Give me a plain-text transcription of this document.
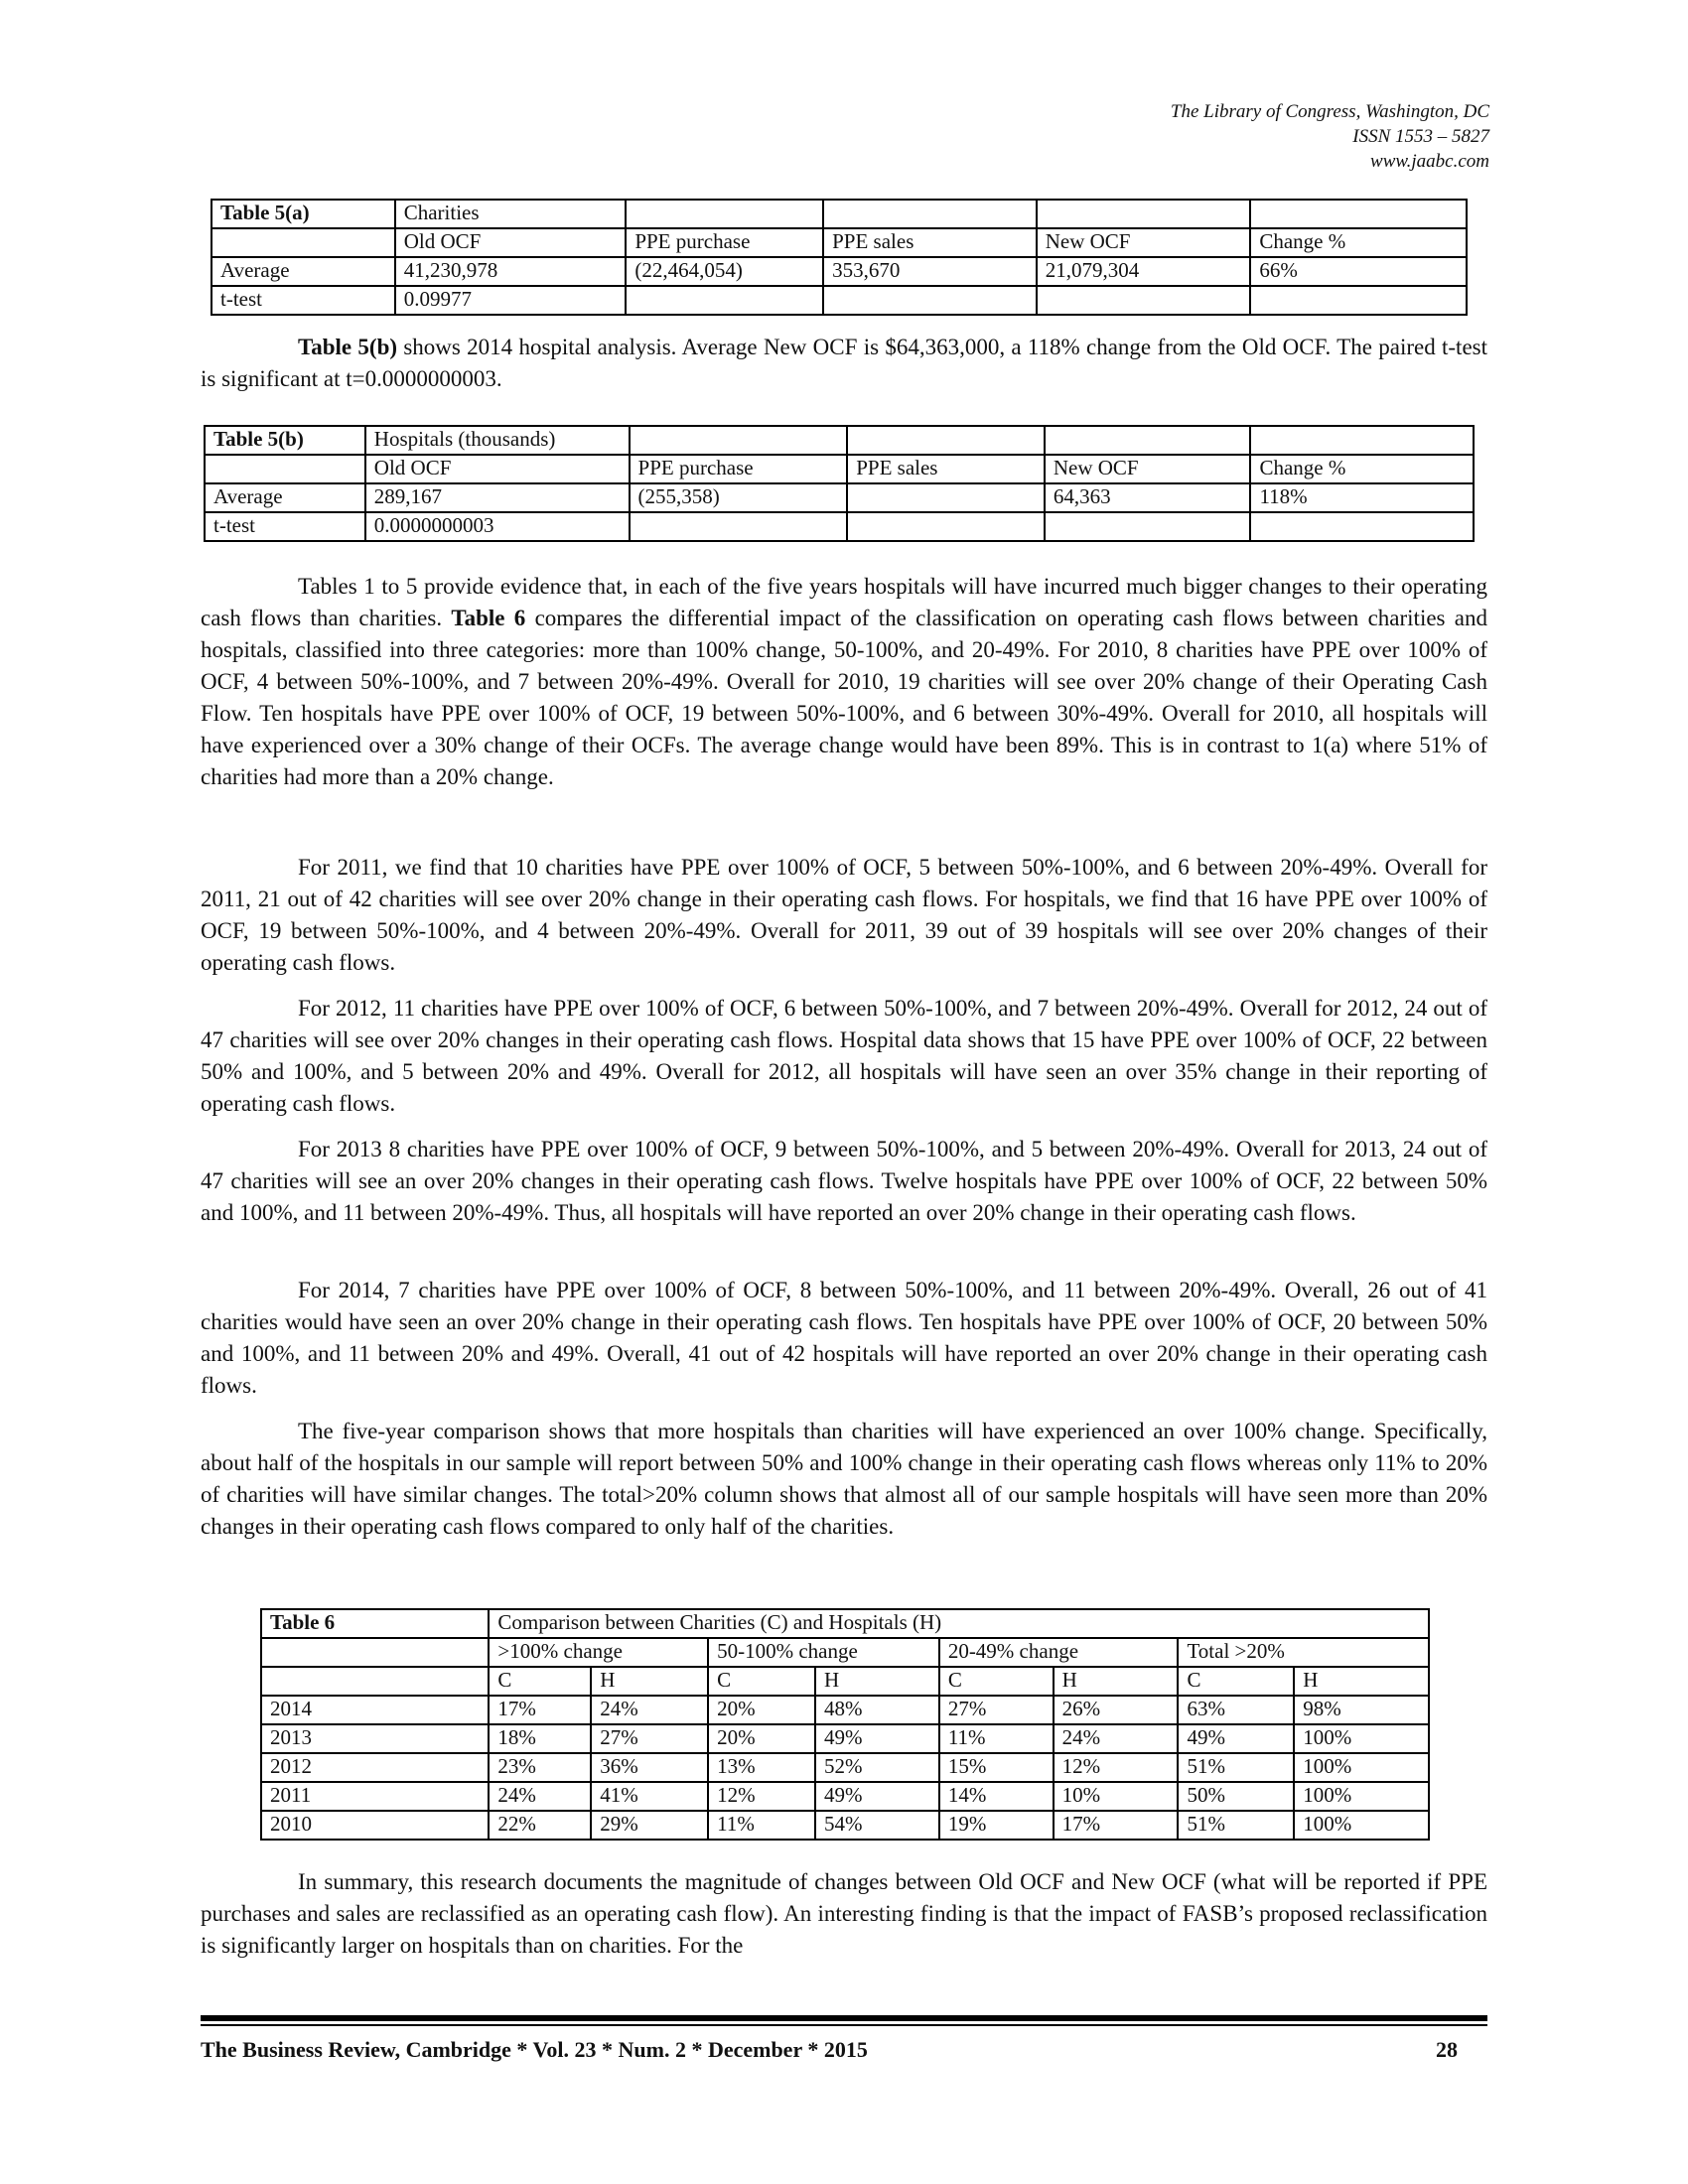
The Library of Congress, Washington, DC
ISSN 1553 – 5827
www.jaabc.com
Table 5(a)	Charities				
	Old OCF	PPE purchase	PPE sales	New OCF	Change %
Average	41,230,978	(22,464,054)	353,670	21,079,304	66%
t-test	0.09977				

Table 5(b) shows 2014 hospital analysis. Average New OCF is $64,363,000, a 118% change from the Old OCF. The paired t-test is significant at t=0.0000000003.

Table 5(b)	Hospitals (thousands)				
	Old OCF	PPE purchase	PPE sales	New OCF	Change %
Average	289,167	(255,358)		64,363	118%
t-test	0.0000000003				

Tables 1 to 5 provide evidence that, in each of the five years hospitals will have incurred much bigger changes to their operating cash flows than charities. Table 6 compares the differential impact of the classification on operating cash flows between charities and hospitals, classified into three categories: more than 100% change, 50-100%, and 20-49%. For 2010, 8 charities have PPE over 100% of OCF, 4 between 50%-100%, and 7 between 20%-49%. Overall for 2010, 19 charities will see over 20% change of their Operating Cash Flow. Ten hospitals have PPE over 100% of OCF, 19 between 50%-100%, and 6 between 30%-49%. Overall for 2010, all hospitals will have experienced over a 30% change of their OCFs. The average change would have been 89%. This is in contrast to 1(a) where 51% of charities had more than a 20% change.

For 2011, we find that 10 charities have PPE over 100% of OCF, 5 between 50%-100%, and 6 between 20%-49%. Overall for 2011, 21 out of 42 charities will see over 20% change in their operating cash flows. For hospitals, we find that 16 have PPE over 100% of OCF, 19 between 50%-100%, and 4 between 20%-49%. Overall for 2011, 39 out of 39 hospitals will see over 20% changes of their operating cash flows.

For 2012, 11 charities have PPE over 100% of OCF, 6 between 50%-100%, and 7 between 20%-49%. Overall for 2012, 24 out of 47 charities will see over 20% changes in their operating cash flows. Hospital data shows that 15 have PPE over 100% of OCF, 22 between 50% and 100%, and 5 between 20% and 49%. Overall for 2012, all hospitals will have seen an over 35% change in their reporting of operating cash flows.

For 2013 8 charities have PPE over 100% of OCF, 9 between 50%-100%, and 5 between 20%-49%. Overall for 2013, 24 out of 47 charities will see an over 20% changes in their operating cash flows. Twelve hospitals have PPE over 100% of OCF, 22 between 50% and 100%, and 11 between 20%-49%. Thus, all hospitals will have reported an over 20% change in their operating cash flows.

For 2014, 7 charities have PPE over 100% of OCF, 8 between 50%-100%, and 11 between 20%-49%. Overall, 26 out of 41 charities would have seen an over 20% change in their operating cash flows. Ten hospitals have PPE over 100% of OCF, 20 between 50% and 100%, and 11 between 20% and 49%. Overall, 41 out of 42 hospitals will have reported an over 20% change in their operating cash flows.

The five-year comparison shows that more hospitals than charities will have experienced an over 100% change. Specifically, about half of the hospitals in our sample will report between 50% and 100% change in their operating cash flows whereas only 11% to 20% of charities will have similar changes. The total>20% column shows that almost all of our sample hospitals will have seen more than 20% changes in their operating cash flows compared to only half of the charities.

Table 6	Comparison between Charities (C) and Hospitals (H)							
	>100% change		50-100% change		20-49% change		Total >20%	
	C	H	C	H	C	H	C	H
2014	17%	24%	20%	48%	27%	26%	63%	98%
2013	18%	27%	20%	49%	11%	24%	49%	100%
2012	23%	36%	13%	52%	15%	12%	51%	100%
2011	24%	41%	12%	49%	14%	10%	50%	100%
2010	22%	29%	11%	54%	19%	17%	51%	100%

In summary, this research documents the magnitude of changes between Old OCF and New OCF (what will be reported if PPE purchases and sales are reclassified as an operating cash flow). An interesting finding is that the impact of FASB’s proposed reclassification is significantly larger on hospitals than on charities. For the

The Business Review, Cambridge * Vol. 23 * Num. 2 * December * 2015	28
